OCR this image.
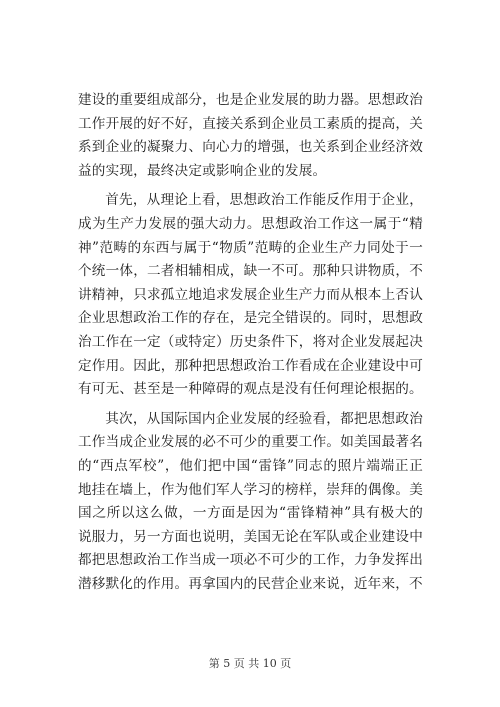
建设的重要组成部分，也是企业发展的助力器。思想政治工作开展的好不好，直接关系到企业员工素质的提高，关系到企业的凝聚力、向心力的增强，也关系到企业经济效益的实现，最终决定或影响企业的发展。

首先，从理论上看，思想政治工作能反作用于企业，成为生产力发展的强大动力。思想政治工作这一属于“精神”范畴的东西与属于“物质”范畴的企业生产力同处于一个统一体，二者相辅相成，缺一不可。那种只讲物质，不讲精神，只求孤立地追求发展企业生产力而从根本上否认企业思想政治工作的存在，是完全错误的。同时，思想政治工作在一定（或特定）历史条件下，将对企业发展起决定作用。因此，那种把思想政治工作看成在企业建设中可有可无、甚至是一种障碍的观点是没有任何理论根据的。

其次，从国际国内企业发展的经验看，都把思想政治工作当成企业发展的必不可少的重要工作。如美国最著名的“西点军校”，他们把中国“雷锋”同志的照片端端正正地挂在墙上，作为他们军人学习的榜样，崇拜的偶像。美国之所以这么做，一方面是因为“雷锋精神”具有极大的说服力，另一方面也说明，美国无论在军队或企业建设中都把思想政治工作当成一项必不可少的工作，力争发挥出潜移默化的作用。再拿国内的民营企业来说，近年来，不

第 5 页 共 10 页
